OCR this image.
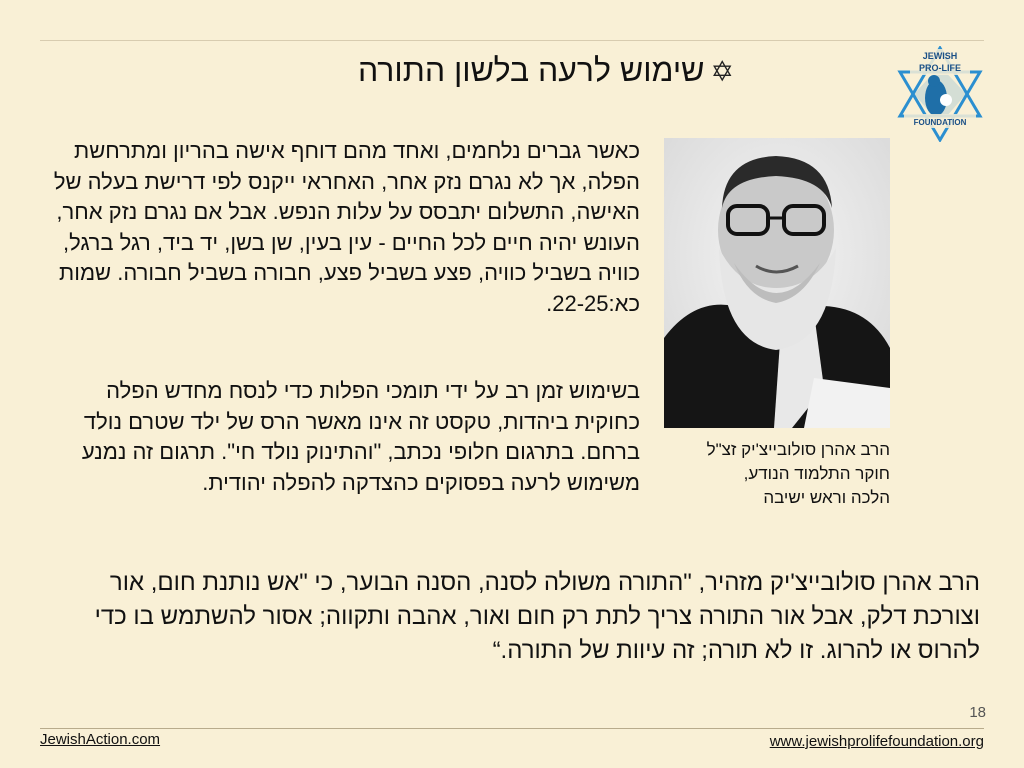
✡שימוש לרעה בלשון התורה	JEWISH
PRO-LIFE
FOUNDATION
הרב אהרן סולובייצ'יק זצ"ל
חוקר התלמוד הנודע,
הלכה וראש ישיבה
כאשר גברים נלחמים, ואחד מהם דוחף אישה בהריון ומתרחשת הפלה, אך לא נגרם נזק אחר, האחראי ייקנס לפי דרישת בעלה של האישה, התשלום יתבסס על עלות הנפש. אבל אם נגרם נזק אחר, העונש יהיה חיים לכל החיים - עין בעין, שן בשן, יד ביד, רגל ברגל, כוויה בשביל כוויה, פצע בשביל פצע, חבורה בשביל חבורה. שמות כא:22-25.
בשימוש זמן רב על ידי תומכי הפלות כדי לנסח מחדש הפלה כחוקית ביהדות, טקסט זה אינו מאשר הרס של ילד שטרם נולד ברחם. בתרגום חלופי נכתב, "והתינוק נולד חי". תרגום זה נמנע משימוש לרעה בפסוקים כהצדקה להפלה יהודית.
הרב אהרן סולובייצ'יק מזהיר, "התורה משולה לסנה, הסנה הבוער, כי "אש נותנת חום, אור וצורכת דלק, אבל אור התורה צריך לתת רק חום ואור, אהבה ותקווה; אסור להשתמש בו כדי להרוס או להרוג. זו לא תורה; זה עיוות של התורה.“
18
JewishAction.com	www.jewishprolifefoundation.org
